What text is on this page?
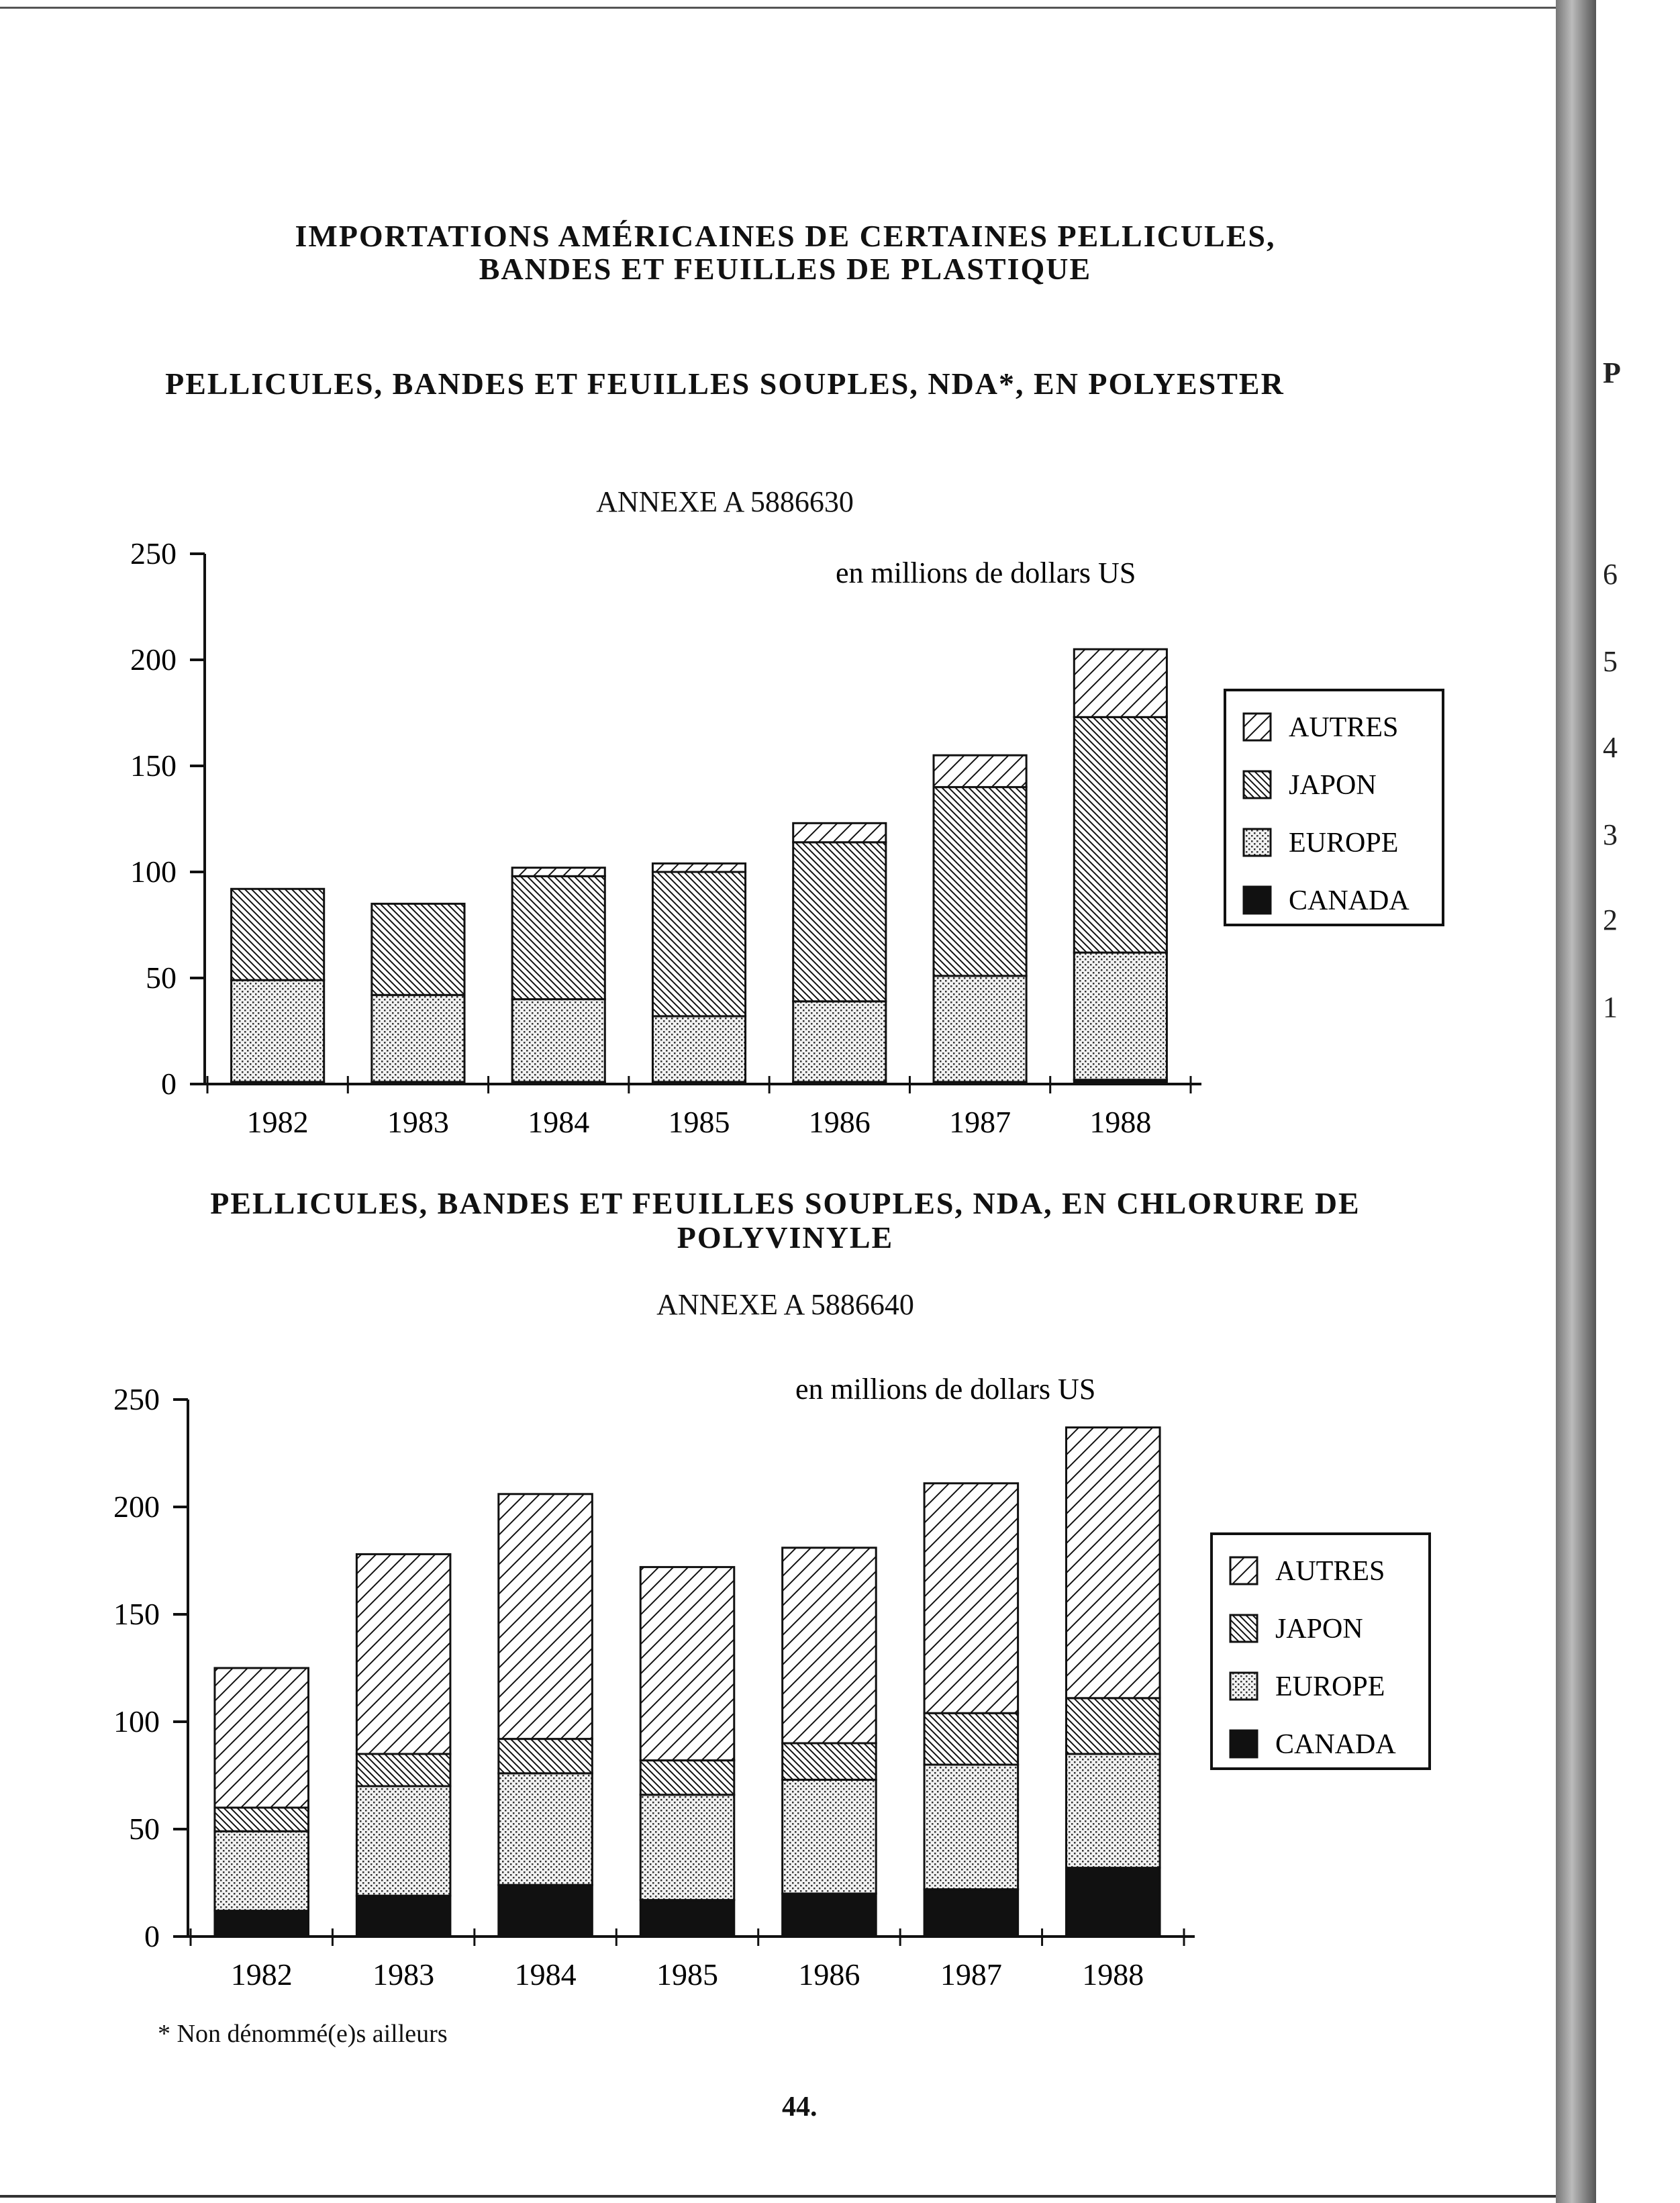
IMPORTATIONS AMÉRICAINES DE CERTAINES PELLICULES,
BANDES ET FEUILLES DE PLASTIQUE
PELLICULES, BANDES ET FEUILLES SOUPLES, NDA*, EN POLYESTER
ANNEXE A 5886630
0
50
100
150
200
250
en millions de dollars US
1982	1983	1984	1985	1986	1987	1988
AUTRES
JAPON
EUROPE
CANADA
PELLICULES, BANDES ET FEUILLES SOUPLES, NDA, EN CHLORURE DE POLYVINYLE
ANNEXE A 5886640
0
50
100
150
200
250	en millions de dollars US
1982	1983	1984	1985	1986	1987	1988
AUTRES
JAPON
EUROPE
CANADA
* Non dénommé(e)s ailleurs
44.
P
6
5
4
3
2
1
